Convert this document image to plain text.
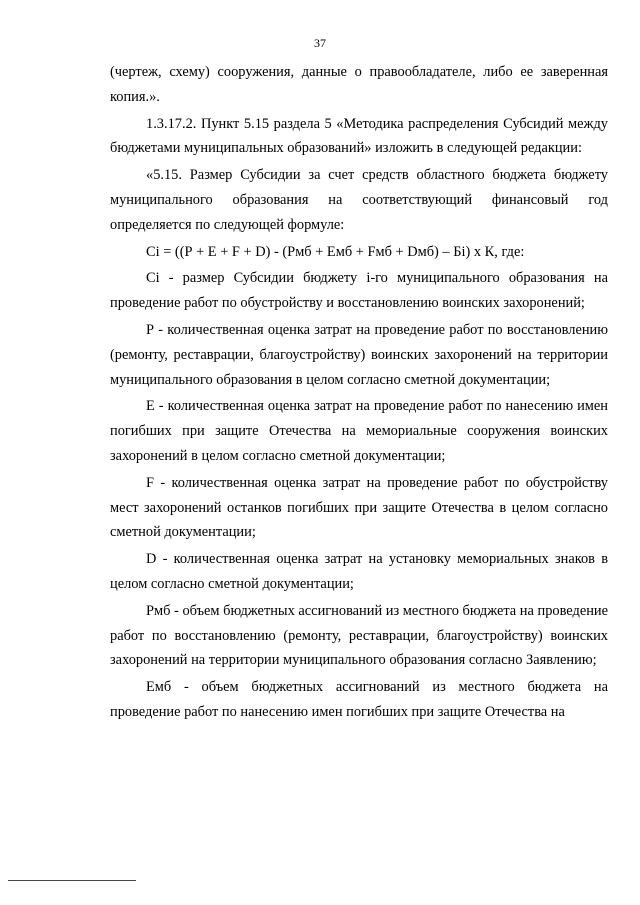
37

(чертеж, схему) сооружения, данные о правообладателе, либо ее заверенная копия.».

1.3.17.2. Пункт 5.15 раздела 5 «Методика распределения Субсидий между бюджетами муниципальных образований» изложить в следующей редакции:

«5.15. Размер Субсидии за счет средств областного бюджета бюджету муниципального образования на соответствующий финансовый год определяется по следующей формуле:

Сi = ((Р + Е + F + D) - (Рмб + Емб + Fмб + Dмб) – Бi) х К, где:

Сi - размер Субсидии бюджету i-го муниципального образования на проведение работ по обустройству и восстановлению воинских захоронений;

Р - количественная оценка затрат на проведение работ по восстановлению (ремонту, реставрации, благоустройству) воинских захоронений на территории муниципального образования в целом согласно сметной документации;

Е - количественная оценка затрат на проведение работ по нанесению имен погибших при защите Отечества на мемориальные сооружения воинских захоронений в целом согласно сметной документации;

F - количественная оценка затрат на проведение работ по обустройству мест захоронений останков погибших при защите Отечества в целом согласно сметной документации;

D - количественная оценка затрат на установку мемориальных знаков в целом согласно сметной документации;

Рмб - объем бюджетных ассигнований из местного бюджета на проведение работ по восстановлению (ремонту, реставрации, благоустройству) воинских захоронений на территории муниципального образования согласно Заявлению;

Емб - объем бюджетных ассигнований из местного бюджета на проведение работ по нанесению имен погибших при защите Отечества на
